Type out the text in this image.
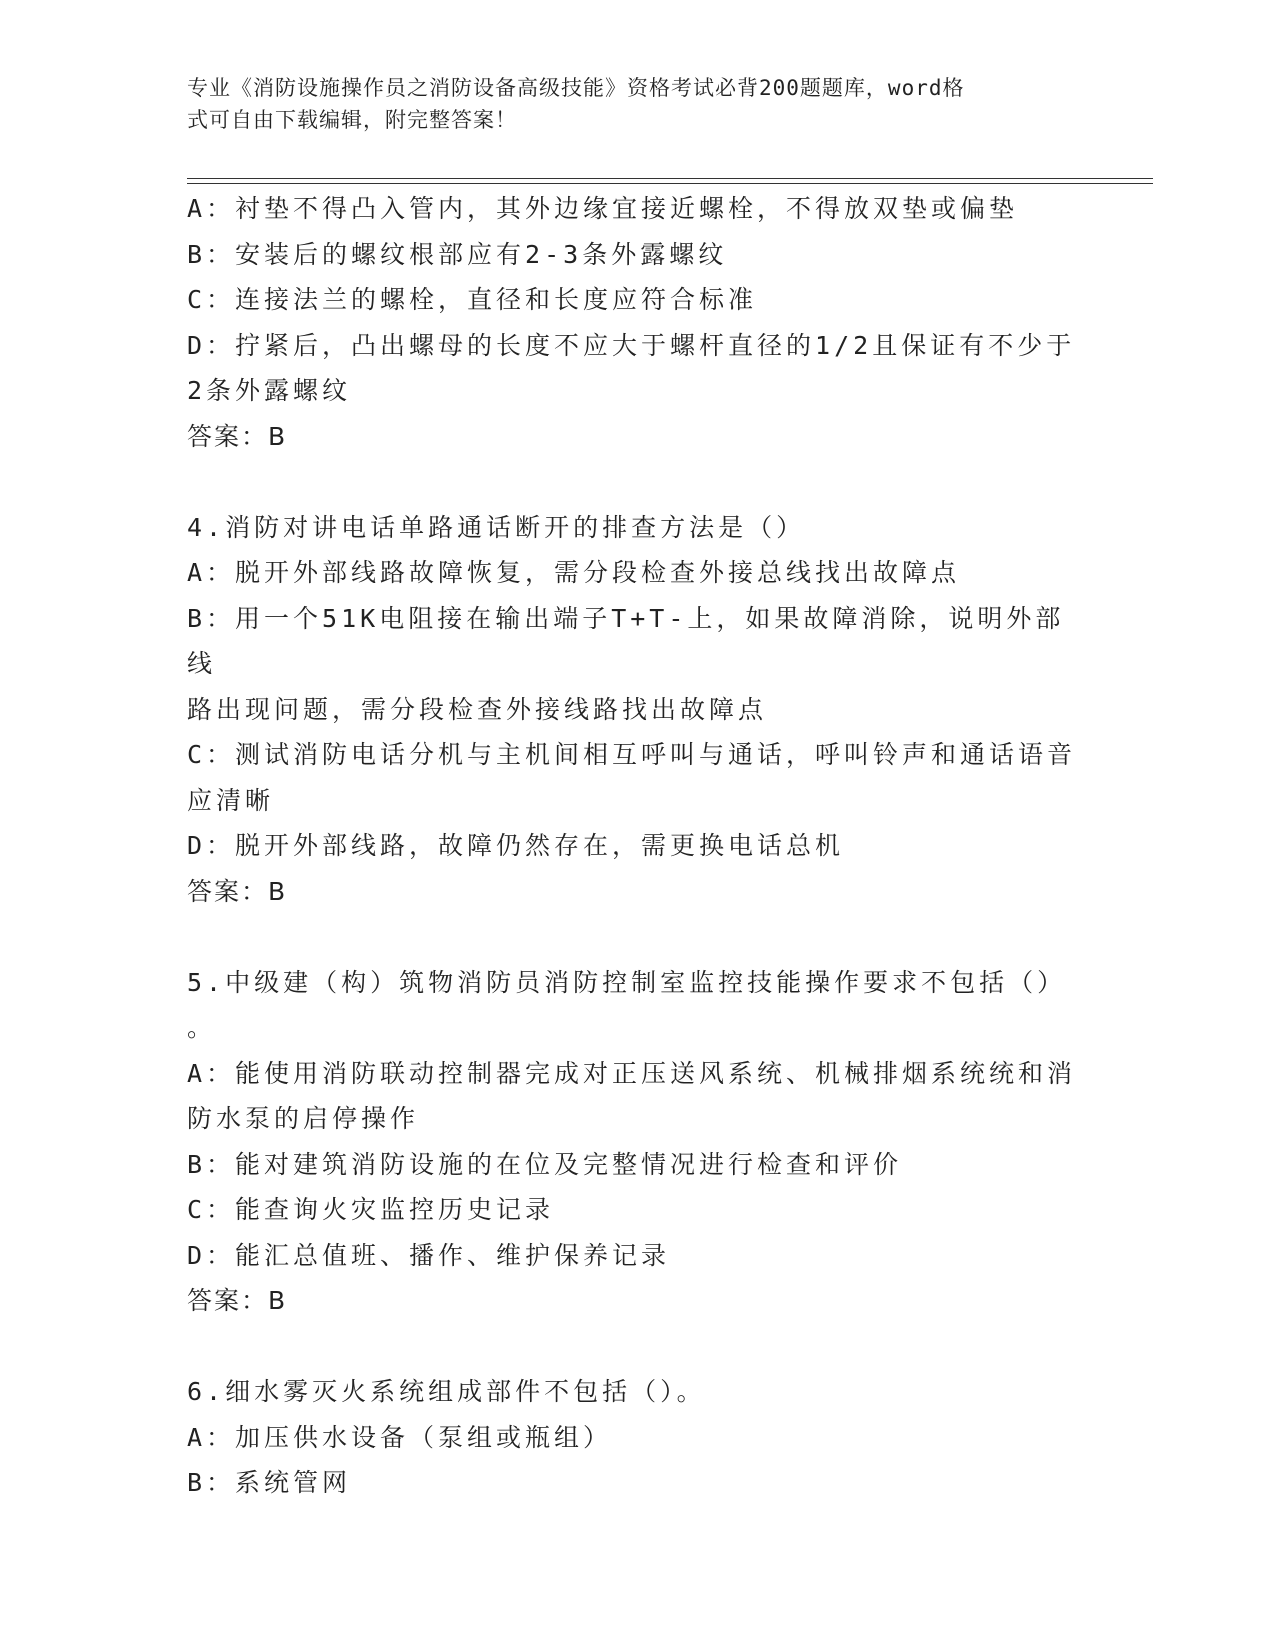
专业《消防设施操作员之消防设备高级技能》资格考试必背200题题库，word格
式可自由下载编辑，附完整答案！
A：衬垫不得凸入管内，其外边缘宜接近螺栓，不得放双垫或偏垫
B：安装后的螺纹根部应有2-3条外露螺纹
C：连接法兰的螺栓，直径和长度应符合标准
D：拧紧后，凸出螺母的长度不应大于螺杆直径的1/2且保证有不少于
2条外露螺纹
答案：B
4.消防对讲电话单路通话断开的排查方法是（）
A：脱开外部线路故障恢复，需分段检查外接总线找出故障点
B：用一个51K电阻接在输出端子T+T-上，如果故障消除，说明外部线
路出现问题，需分段检查外接线路找出故障点
C：测试消防电话分机与主机间相互呼叫与通话，呼叫铃声和通话语音
应清晰
D：脱开外部线路，故障仍然存在，需更换电话总机
答案：B
5.中级建（构）筑物消防员消防控制室监控技能操作要求不包括（）
。
A：能使用消防联动控制器完成对正压送风系统、机械排烟系统统和消
防水泵的启停操作
B：能对建筑消防设施的在位及完整情况进行检查和评价
C：能查询火灾监控历史记录
D：能汇总值班、播作、维护保养记录
答案：B
6.细水雾灭火系统组成部件不包括（）。
A：加压供水设备（泵组或瓶组）
B：系统管网
